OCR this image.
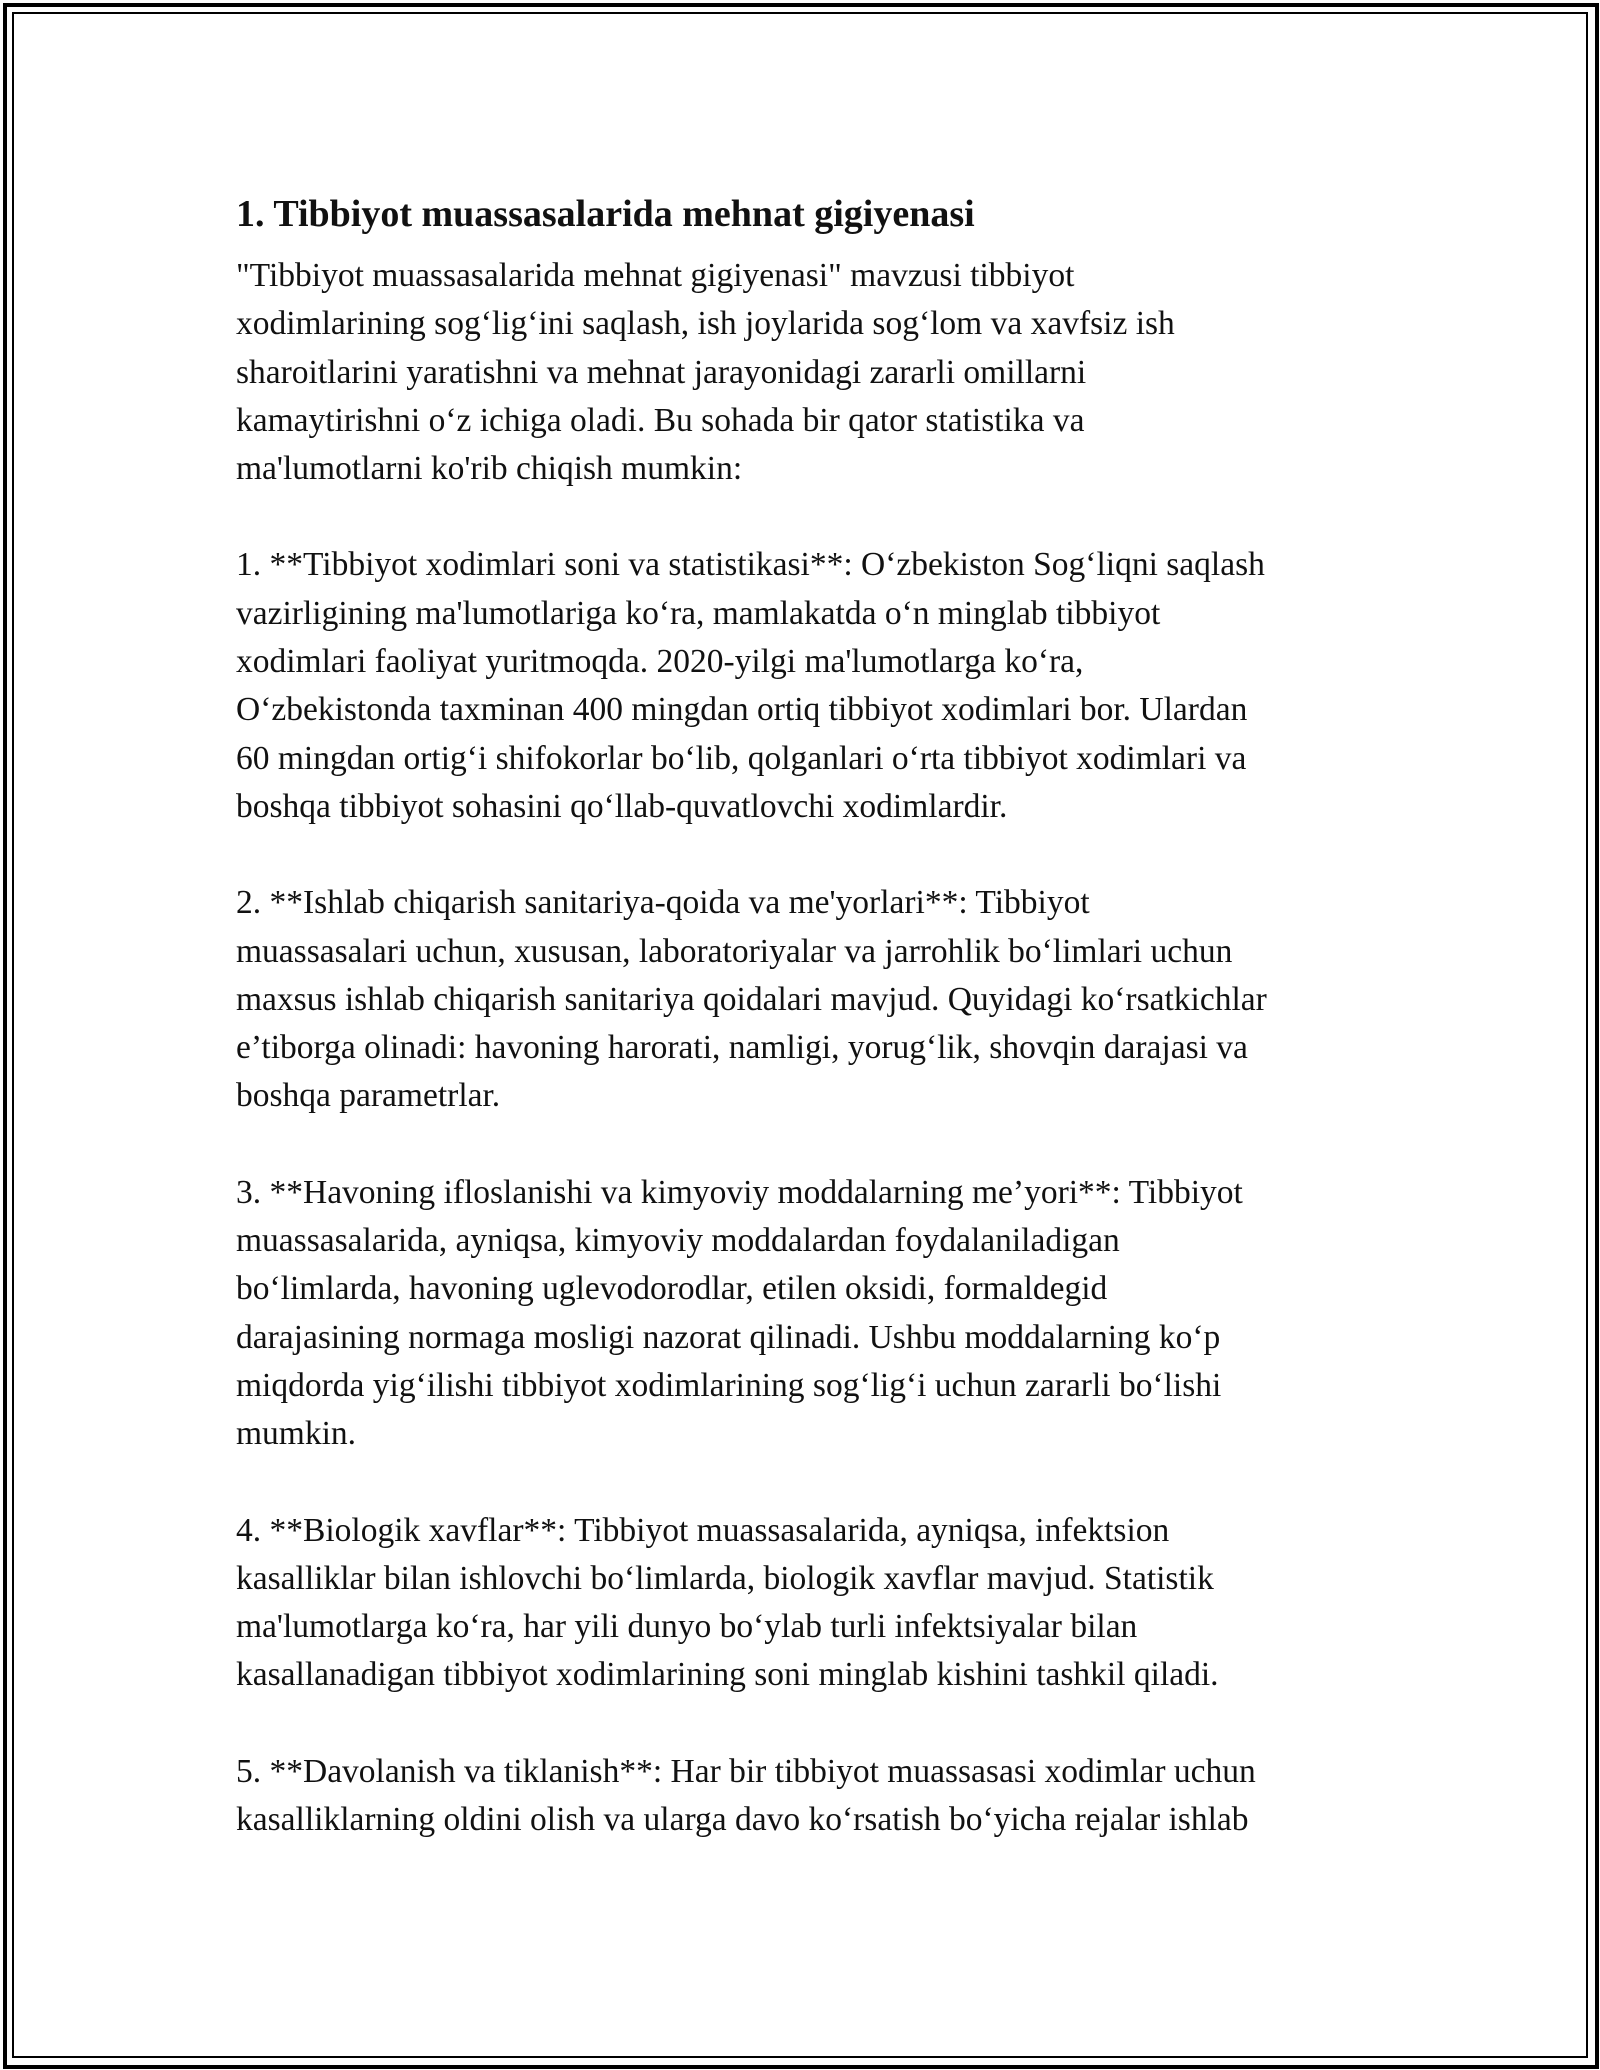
1. Tibbiyot muassasalarida mehnat gigiyenasi

"Tibbiyot muassasalarida mehnat gigiyenasi" mavzusi tibbiyot
xodimlarining sog‘lig‘ini saqlash, ish joylarida sog‘lom va xavfsiz ish
sharoitlarini yaratishni va mehnat jarayonidagi zararli omillarni
kamaytirishni o‘z ichiga oladi. Bu sohada bir qator statistika va
ma'lumotlarni ko'rib chiqish mumkin:

1. **Tibbiyot xodimlari soni va statistikasi**: O‘zbekiston Sog‘liqni saqlash
vazirligining ma'lumotlariga ko‘ra, mamlakatda o‘n minglab tibbiyot
xodimlari faoliyat yuritmoqda. 2020-yilgi ma'lumotlarga ko‘ra,
O‘zbekistonda taxminan 400 mingdan ortiq tibbiyot xodimlari bor. Ulardan
60 mingdan ortig‘i shifokorlar bo‘lib, qolganlari o‘rta tibbiyot xodimlari va
boshqa tibbiyot sohasini qo‘llab-quvatlovchi xodimlardir.

2. **Ishlab chiqarish sanitariya-qoida va me'yorlari**: Tibbiyot
muassasalari uchun, xususan, laboratoriyalar va jarrohlik bo‘limlari uchun
maxsus ishlab chiqarish sanitariya qoidalari mavjud. Quyidagi ko‘rsatkichlar
e’tiborga olinadi: havoning harorati, namligi, yorug‘lik, shovqin darajasi va
boshqa parametrlar.

3. **Havoning ifloslanishi va kimyoviy moddalarning me’yori**: Tibbiyot
muassasalarida, ayniqsa, kimyoviy moddalardan foydalaniladigan
bo‘limlarda, havoning uglevodorodlar, etilen oksidi, formaldegid
darajasining normaga mosligi nazorat qilinadi. Ushbu moddalarning ko‘p
miqdorda yig‘ilishi tibbiyot xodimlarining sog‘lig‘i uchun zararli bo‘lishi
mumkin.

4. **Biologik xavflar**: Tibbiyot muassasalarida, ayniqsa, infektsion
kasalliklar bilan ishlovchi bo‘limlarda, biologik xavflar mavjud. Statistik
ma'lumotlarga ko‘ra, har yili dunyo bo‘ylab turli infektsiyalar bilan
kasallanadigan tibbiyot xodimlarining soni minglab kishini tashkil qiladi.

5. **Davolanish va tiklanish**: Har bir tibbiyot muassasasi xodimlar uchun
kasalliklarning oldini olish va ularga davo ko‘rsatish bo‘yicha rejalar ishlab
